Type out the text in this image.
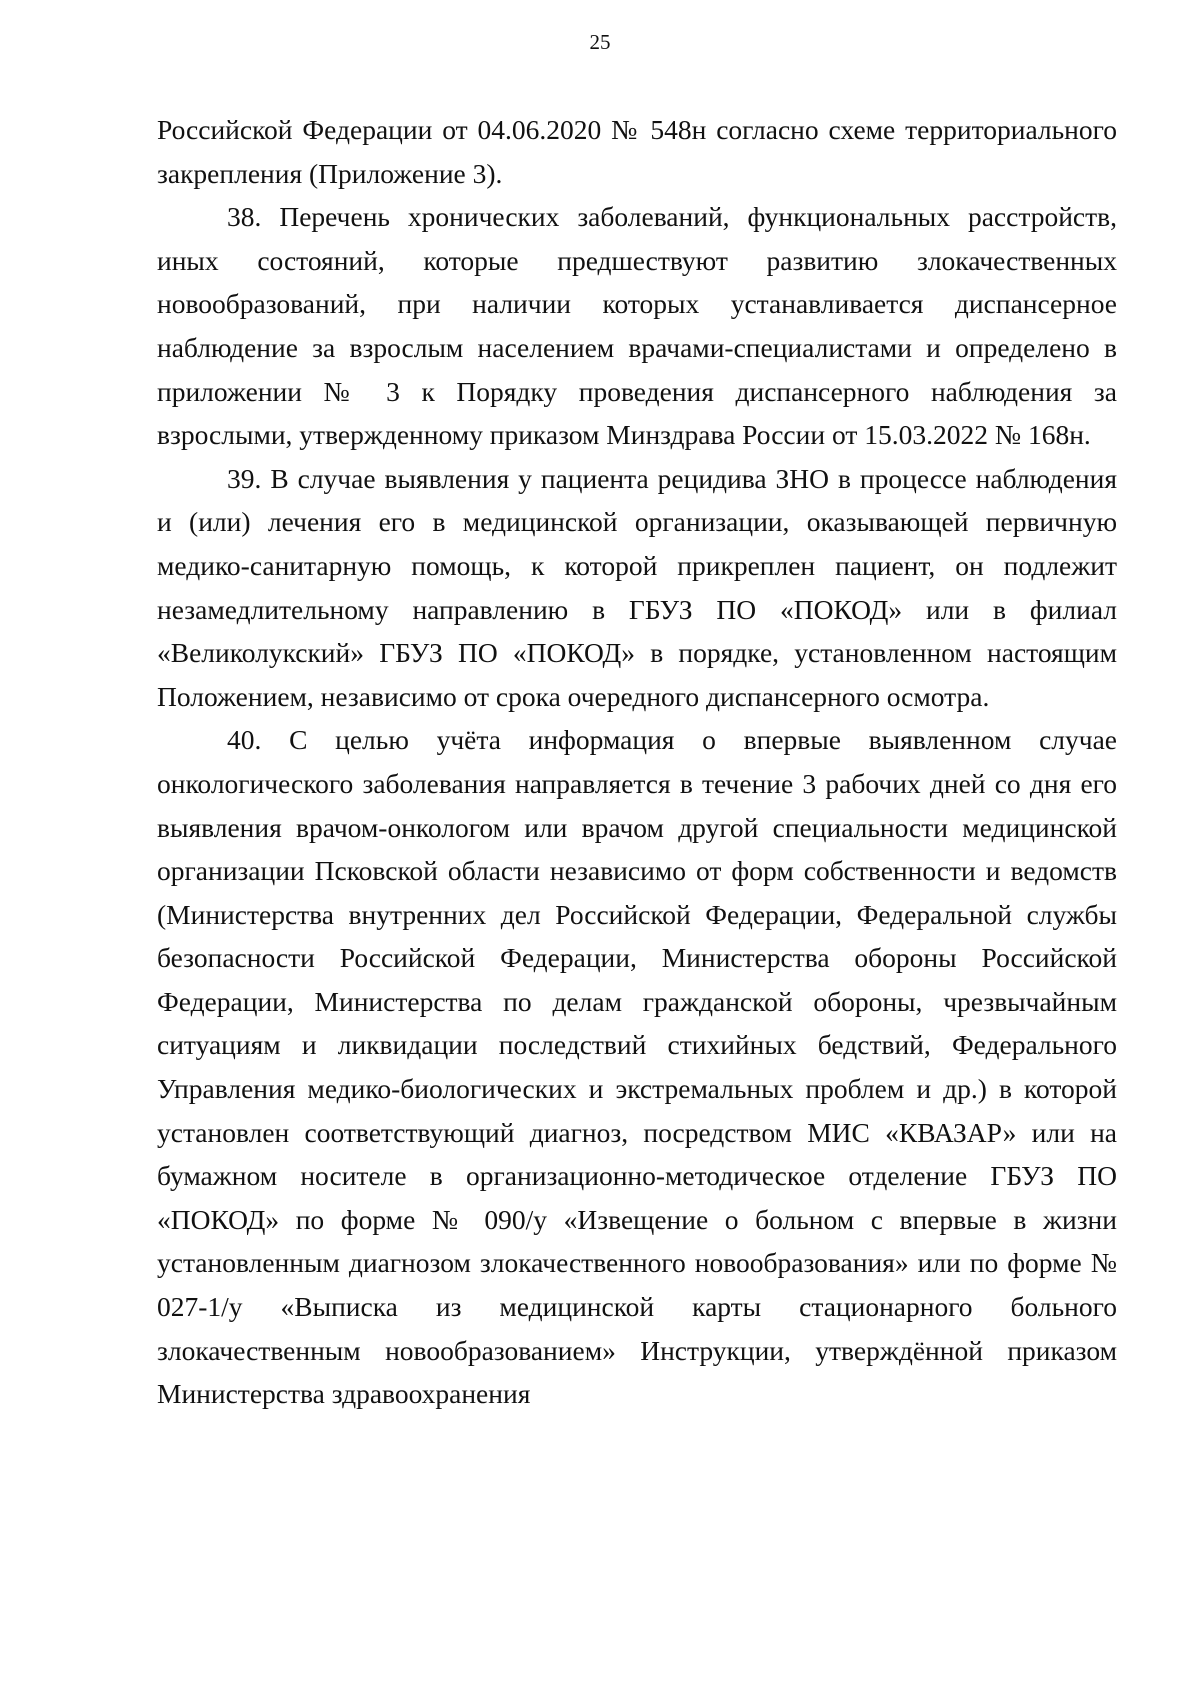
25

Российской Федерации от 04.06.2020 № 548н согласно схеме территориального закрепления (Приложение 3).

38. Перечень хронических заболеваний, функциональных расстройств, иных состояний, которые предшествуют развитию злокачественных новообразований, при наличии которых устанавливается диспансерное наблюдение за взрослым населением врачами-специалистами и определено в приложении № 3 к Порядку проведения диспансерного наблюдения за взрослыми, утвержденному приказом Минздрава России от 15.03.2022 № 168н.

39. В случае выявления у пациента рецидива ЗНО в процессе наблюдения и (или) лечения его в медицинской организации, оказывающей первичную медико-санитарную помощь, к которой прикреплен пациент, он подлежит незамедлительному направлению в ГБУЗ ПО «ПОКОД» или в филиал «Великолукский» ГБУЗ ПО «ПОКОД» в порядке, установленном настоящим Положением, независимо от срока очередного диспансерного осмотра.

40. С целью учёта информация о впервые выявленном случае онкологического заболевания направляется в течение 3 рабочих дней со дня его выявления врачом-онкологом или врачом другой специальности медицинской организации Псковской области независимо от форм собственности и ведомств (Министерства внутренних дел Российской Федерации, Федеральной службы безопасности Российской Федерации, Министерства обороны Российской Федерации, Министерства по делам гражданской обороны, чрезвычайным ситуациям и ликвидации последствий стихийных бедствий, Федерального Управления медико-биологических и экстремальных проблем и др.) в которой установлен соответствующий диагноз, посредством МИС «КВАЗАР» или на бумажном носителе в организационно-методическое отделение ГБУЗ ПО «ПОКОД» по форме № 090/у «Извещение о больном с впервые в жизни установленным диагнозом злокачественного новообразования» или по форме № 027-1/у «Выписка из медицинской карты стационарного больного злокачественным новообразованием» Инструкции, утверждённой приказом Министерства здравоохранения
